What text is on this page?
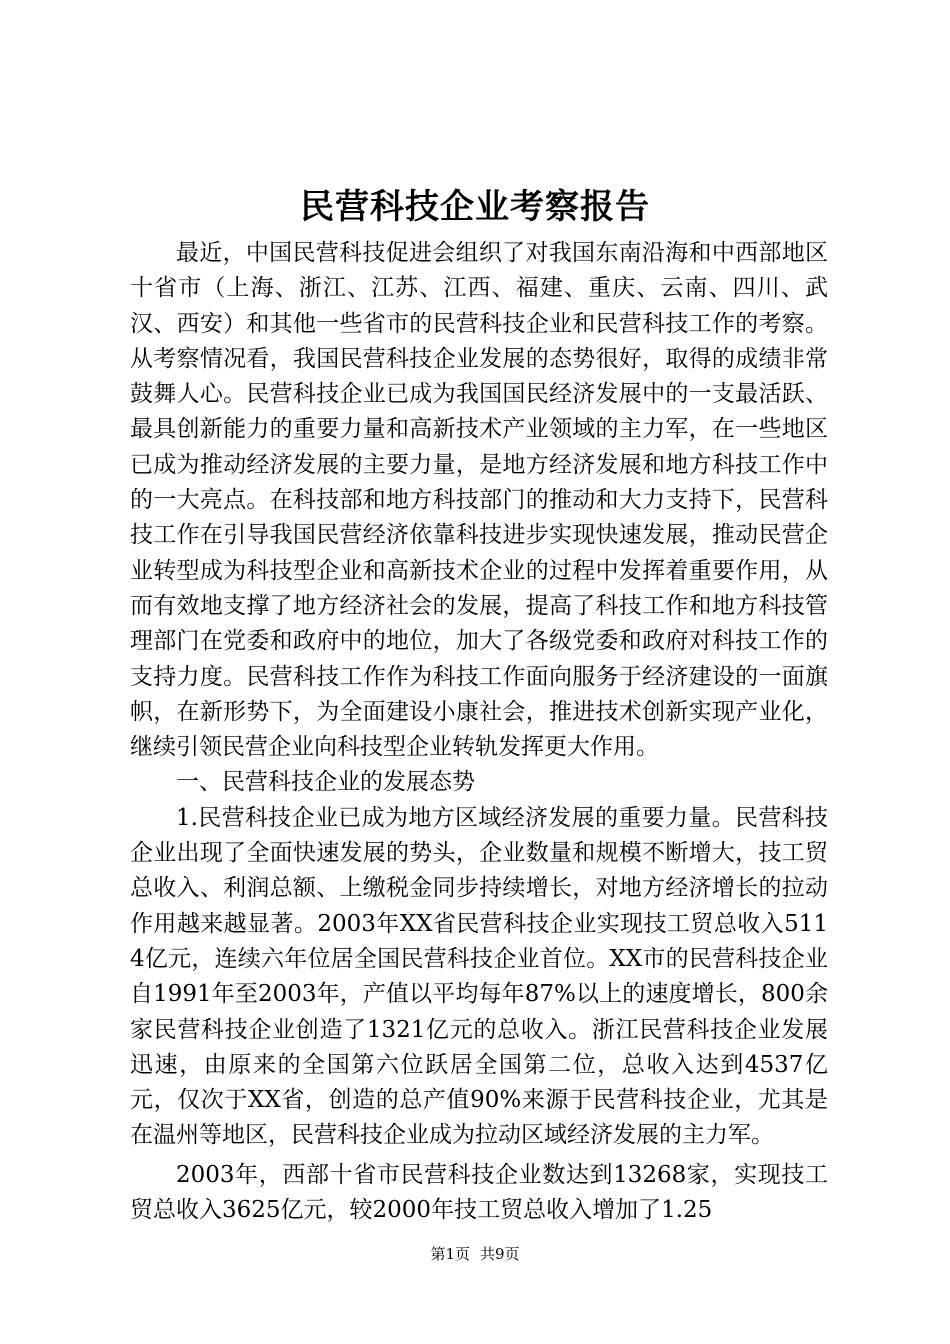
民营科技企业考察报告

最近，中国民营科技促进会组织了对我国东南沿海和中西部地区十省市（上海、浙江、江苏、江西、福建、重庆、云南、四川、武汉、西安）和其他一些省市的民营科技企业和民营科技工作的考察。从考察情况看，我国民营科技企业发展的态势很好，取得的成绩非常鼓舞人心。民营科技企业已成为我国国民经济发展中的一支最活跃、最具创新能力的重要力量和高新技术产业领域的主力军，在一些地区已成为推动经济发展的主要力量，是地方经济发展和地方科技工作中的一大亮点。在科技部和地方科技部门的推动和大力支持下，民营科技工作在引导我国民营经济依靠科技进步实现快速发展，推动民营企业转型成为科技型企业和高新技术企业的过程中发挥着重要作用，从而有效地支撑了地方经济社会的发展，提高了科技工作和地方科技管理部门在党委和政府中的地位，加大了各级党委和政府对科技工作的支持力度。民营科技工作作为科技工作面向服务于经济建设的一面旗帜，在新形势下，为全面建设小康社会，推进技术创新实现产业化，继续引领民营企业向科技型企业转轨发挥更大作用。

一、民营科技企业的发展态势

1.民营科技企业已成为地方区域经济发展的重要力量。民营科技企业出现了全面快速发展的势头，企业数量和规模不断增大，技工贸总收入、利润总额、上缴税金同步持续增长，对地方经济增长的拉动作用越来越显著。2003年XX省民营科技企业实现技工贸总收入5114亿元，连续六年位居全国民营科技企业首位。XX市的民营科技企业自1991年至2003年，产值以平均每年87%以上的速度增长，800余家民营科技企业创造了1321亿元的总收入。浙江民营科技企业发展迅速，由原来的全国第六位跃居全国第二位，总收入达到4537亿元，仅次于XX省，创造的总产值90%来源于民营科技企业，尤其是在温州等地区，民营科技企业成为拉动区域经济发展的主力军。

2003年，西部十省市民营科技企业数达到13268家，实现技工贸总收入3625亿元，较2000年技工贸总收入增加了1.25

第1页 共9页
